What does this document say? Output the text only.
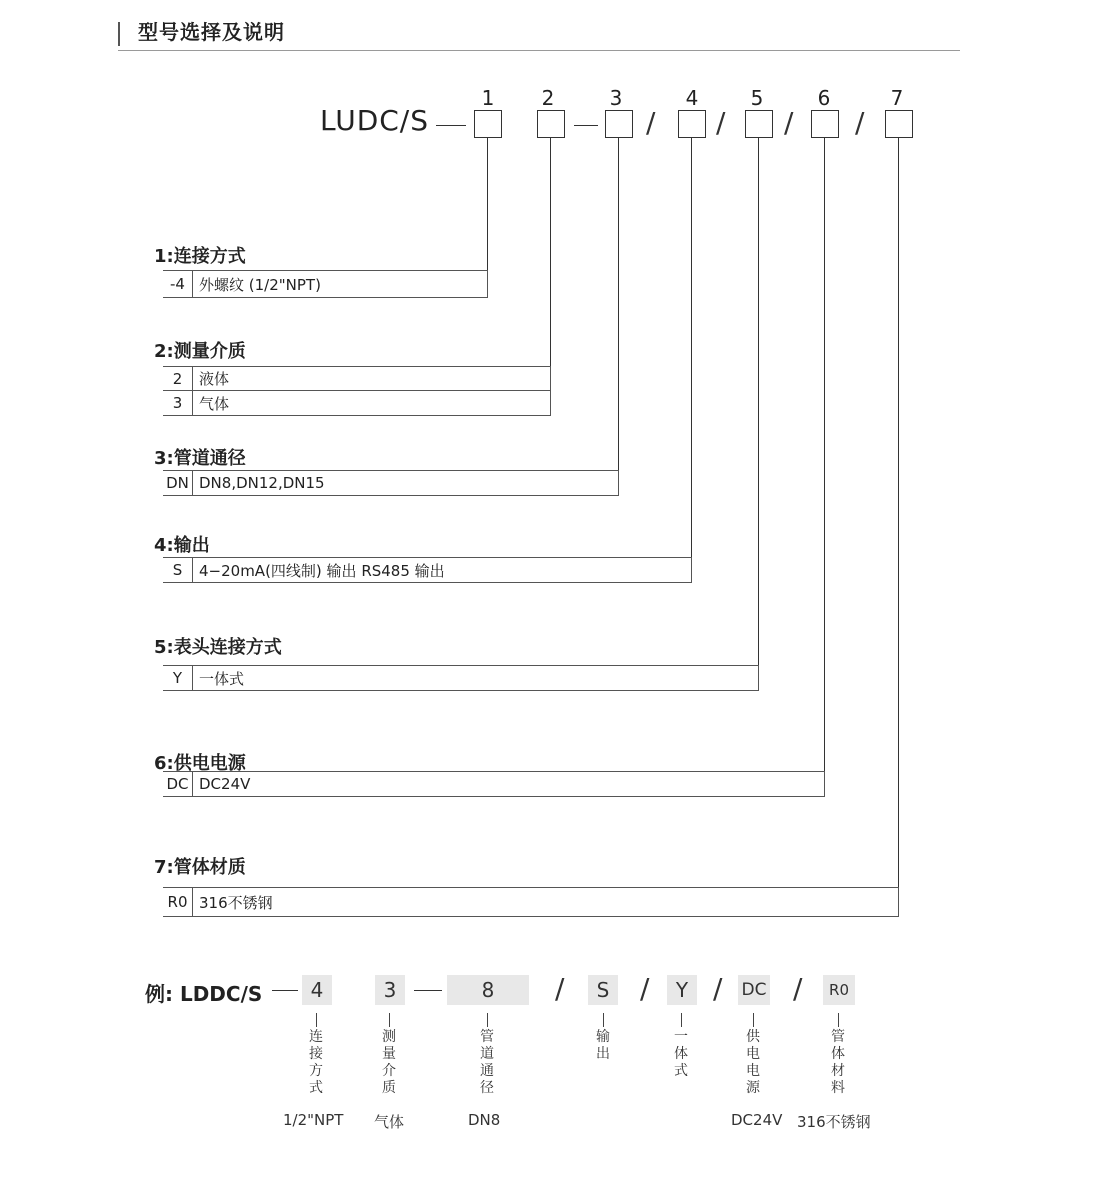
型号选择及说明
LUDC/S
1 2	3
/
4
/
5
/
6
/
7
1:连接方式
-4 外螺纹 (1/2"NPT)
2:测量介质
2	液体
3	气体
3:管道通径
DN DN8,DN12,DN15
4:输出
S	4−20mA(四线制) 输出 RS485 输出
5:表头连接方式
Y	一体式
6:供电电源
DC DC24V
7:管体材质
R0 316不锈钢
例: LDDC/S	4	3	8	/	S	/	Y / DC /	R0
连接方式
测量介质
管道通径
输出
一体式
供电电源
管体材料
1/2"NPT 气体	DN8	DC24V 316不锈钢
